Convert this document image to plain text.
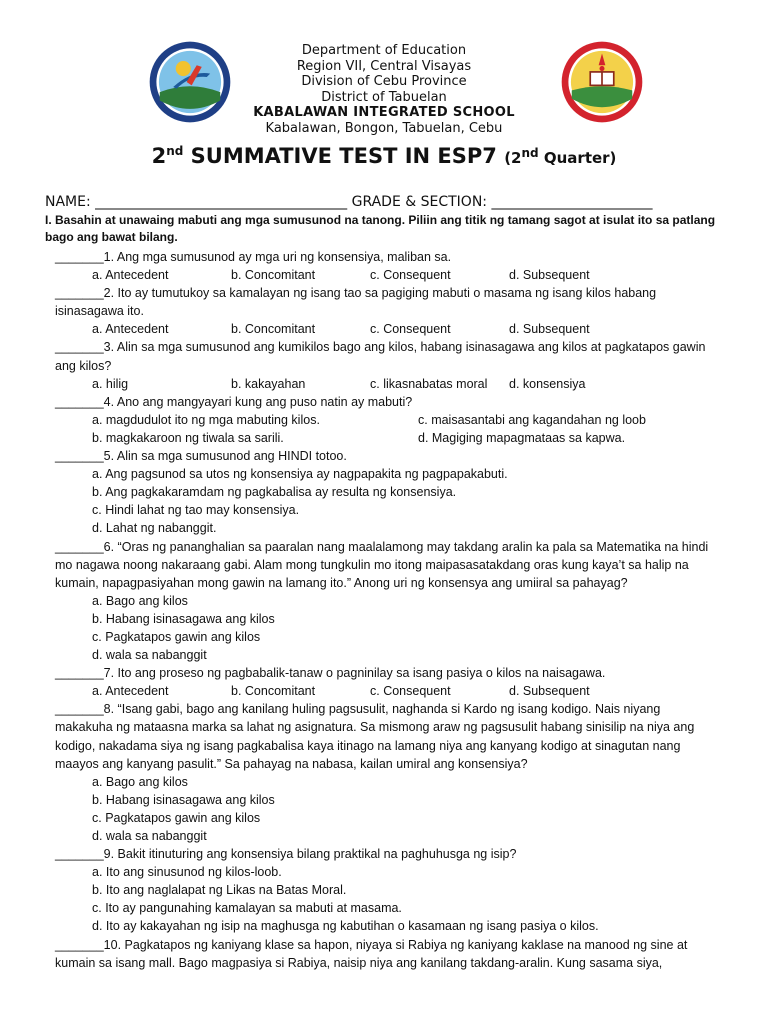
Department of Education
Region VII, Central Visayas
Division of Cebu Province
District of Tabuelan
KABALAWAN INTEGRATED SCHOOL
Kabalawan, Bongon, Tabuelan, Cebu
2nd SUMMATIVE TEST IN ESP7 (2nd Quarter)
NAME: ____________________________________ GRADE & SECTION: _______________________
I. Basahin at unawaing mabuti ang mga sumusunod na tanong. Piliin ang titik ng tamang sagot at isulat ito sa patlang bago ang bawat bilang.
_______1. Ang mga sumusunod ay mga uri ng konsensiya, maliban sa.
a. Antecedent	b. Concomitant	c. Consequent	d. Subsequent
_______2. Ito ay tumutukoy sa kamalayan ng isang tao sa pagiging mabuti o masama ng isang kilos habang isinasagawa ito.
a. Antecedent	b. Concomitant	c. Consequent	d. Subsequent
_______3. Alin sa mga sumusunod ang kumikilos bago ang kilos, habang isinasagawa ang kilos at pagkatapos gawin ang kilos?
a. hilig	b. kakayahan	c. likasnabatas moral	d. konsensiya
_______4. Ano ang mangyayari kung ang puso natin ay mabuti?
a. magdudulot ito ng mga mabuting kilos.	c. maisasantabi ang kagandahan ng loob
b. magkakaroon ng tiwala sa sarili.	d. Magiging mapagmataas sa kapwa.
_______5. Alin sa mga sumusunod ang HINDI totoo.
a. Ang pagsunod sa utos ng konsensiya ay nagpapakita ng pagpapakabuti.
b. Ang pagkakaramdam ng pagkabalisa ay resulta ng konsensiya.
c. Hindi lahat ng tao may konsensiya.
d. Lahat ng nabanggit.
_______6. “Oras ng pananghalian sa paaralan nang maalalamong may takdang aralin ka pala sa Matematika na hindi mo nagawa noong nakaraang gabi. Alam mong tungkulin mo itong maipasasatakdang oras kung kaya’t sa halip na kumain, napagpasiyahan mong gawin na lamang ito.” Anong uri ng konsensya ang umiiral sa pahayag?
a. Bago ang kilos
b. Habang isinasagawa ang kilos
c. Pagkatapos gawin ang kilos
d. wala sa nabanggit
_______7. Ito ang proseso ng pagbabalik-tanaw o pagninilay sa isang pasiya o kilos na naisagawa.
a. Antecedent	b. Concomitant	c. Consequent	d. Subsequent
_______8. “Isang gabi, bago ang kanilang huling pagsusulit, naghanda si Kardo ng isang kodigo. Nais niyang makakuha ng mataasna marka sa lahat ng asignatura. Sa mismong araw ng pagsusulit habang sinisilip na niya ang kodigo, nakadama siya ng isang pagkabalisa kaya itinago na lamang niya ang kanyang kodigo at sinagutan nang maayos ang kanyang pasulit.” Sa pahayag na nabasa, kailan umiral ang konsensiya?
a. Bago ang kilos
b. Habang isinasagawa ang kilos
c. Pagkatapos gawin ang kilos
d. wala sa nabanggit
_______9. Bakit itinuturing ang konsensiya bilang praktikal na paghuhusga ng isip?
a. Ito ang sinusunod ng kilos-loob.
b. Ito ang naglalapat ng Likas na Batas Moral.
c. Ito ay pangunahing kamalayan sa mabuti at masama.
d. Ito ay kakayahan ng isip na maghusga ng kabutihan o kasamaan ng isang pasiya o kilos.
_______10. Pagkatapos ng kaniyang klase sa hapon, niyaya si Rabiya ng kaniyang kaklase na manood ng sine at kumain sa isang mall. Bago magpasiya si Rabiya, naisip niya ang kanilang takdang-aralin. Kung sasama siya,
